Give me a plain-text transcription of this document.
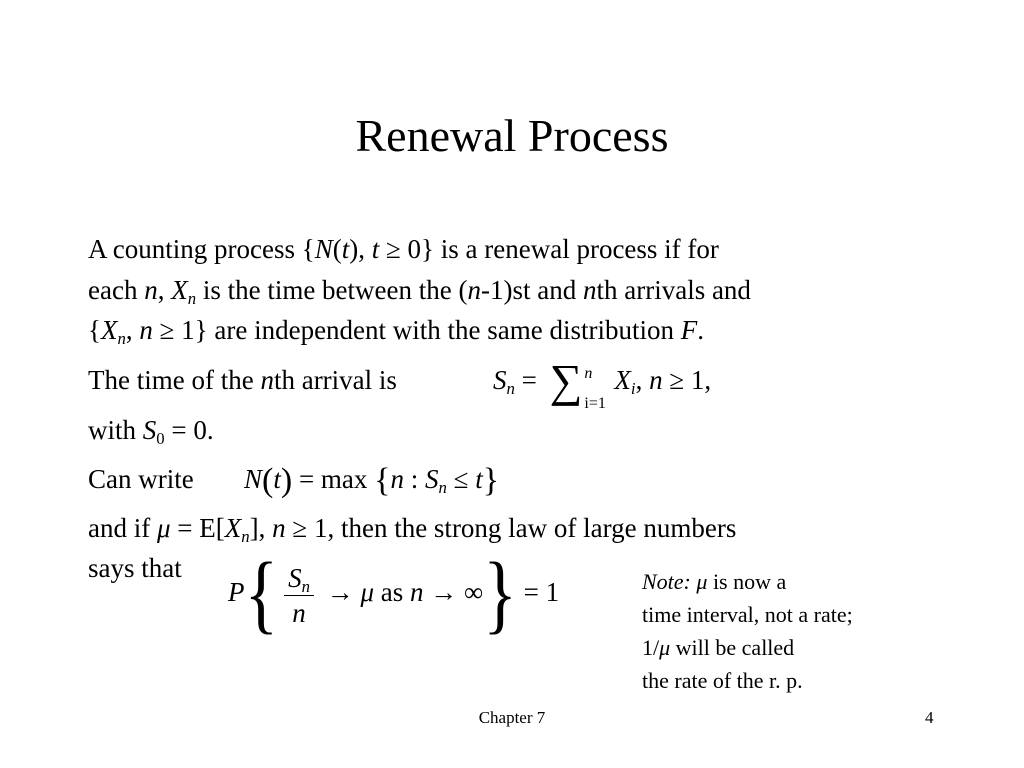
Renewal Process
A counting process {N(t), t ≥ 0} is a renewal process if for
each n, $X_n$ is the time between the (n-1)st and nth arrivals and
{$X_n$, n ≥ 1} are independent with the same distribution F.
The time of the nth arrival is	$S_n$ = ∑ n
i=1
$X_i$, n ≥ 1,
with $S_0 = 0$.
Can write N(t) = max {n : $S_n \le t$}
and if $\mu = E[X_n]$, n ≥ 1, then the strong law of large numbers
says that
$P\{ \frac{S_n}{n} \to \mu$ as n → ∞} = 1	Note: μ is now a
time interval, not a rate;
1/μ will be called
the rate of the r. p.
Chapter 7	4
